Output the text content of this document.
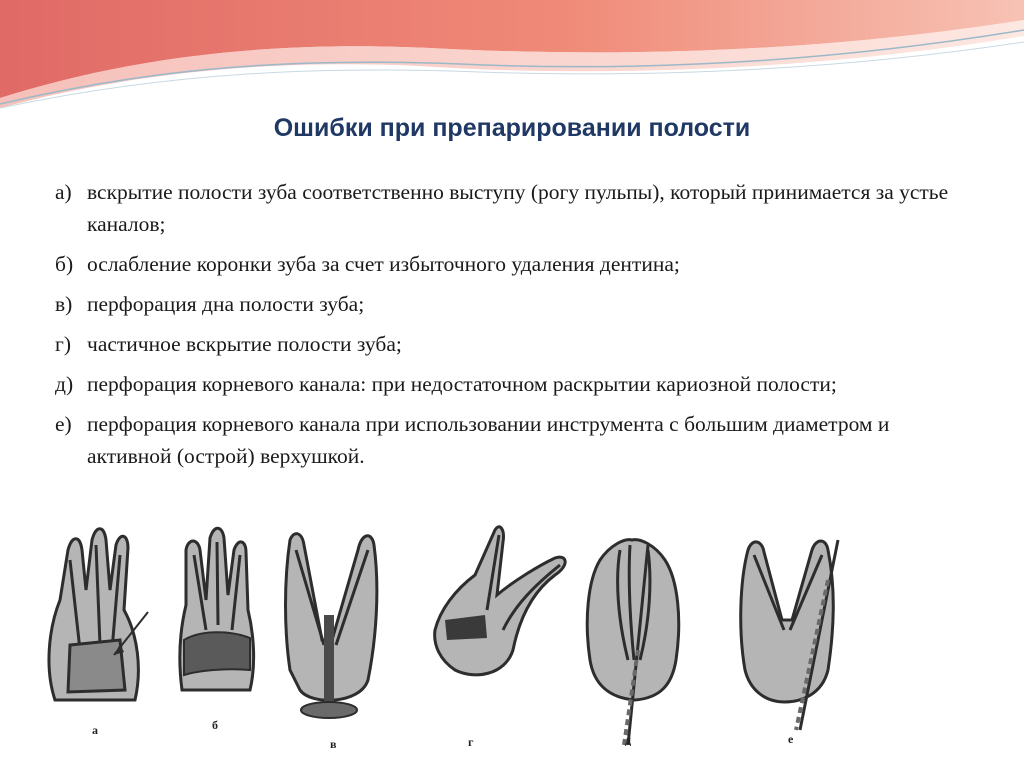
Ошибки при препарировании полости
а) вскрытие полости зуба соответственно выступу (рогу пульпы), который принимается за устье каналов;
б) ослабление коронки зуба за счет избыточного удаления дентина;
в) перфорация дна полости зуба;
г) частичное вскрытие полости зуба;
д) перфорация корневого канала: при недостаточном раскрытии кариозной полости;
е) перфорация корневого канала при использовании инструмента с большим диаметром и активной (острой) верхушкой.
а	б
в	г	д	е
